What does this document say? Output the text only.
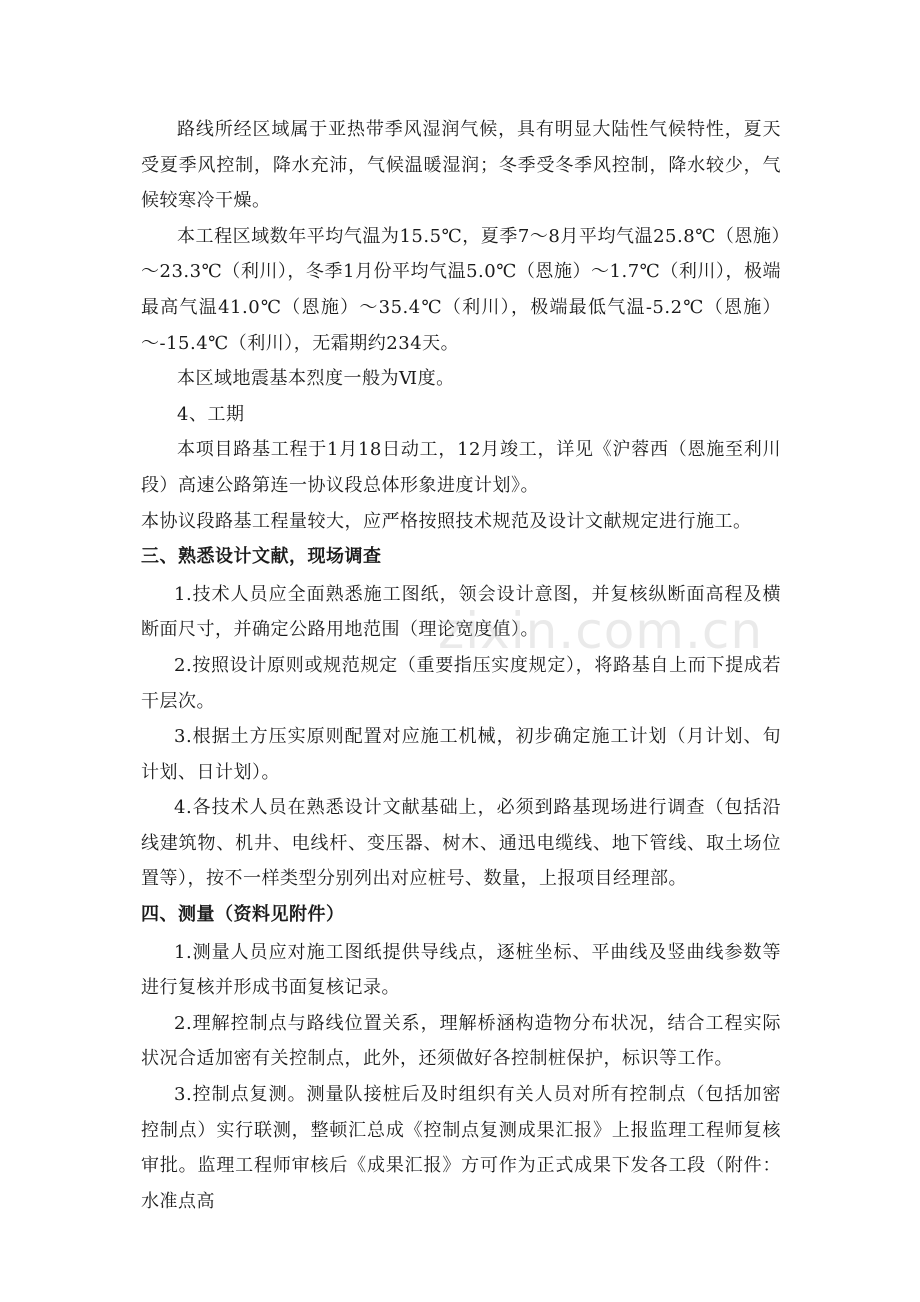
路线所经区域属于亚热带季风湿润气候，具有明显大陆性气候特性，夏天受夏季风控制，降水充沛，气候温暖湿润；冬季受冬季风控制，降水较少，气候较寒冷干燥。

本工程区域数年平均气温为15.5℃，夏季7～8月平均气温25.8℃（恩施）～23.3℃（利川），冬季1月份平均气温5.0℃（恩施）～1.7℃（利川），极端最高气温41.0℃（恩施）～35.4℃（利川），极端最低气温-5.2℃（恩施）～-15.4℃（利川），无霜期约234天。

本区域地震基本烈度一般为Ⅵ度。

4、工期

本项目路基工程于1月18日动工，12月竣工，详见《沪蓉西（恩施至利川段）高速公路第连一协议段总体形象进度计划》。

本协议段路基工程量较大，应严格按照技术规范及设计文献规定进行施工。

三、熟悉设计文献，现场调查

1.技术人员应全面熟悉施工图纸，领会设计意图，并复核纵断面高程及横断面尺寸，并确定公路用地范围（理论宽度值）。

2.按照设计原则或规范规定（重要指压实度规定），将路基自上而下提成若干层次。

3.根据土方压实原则配置对应施工机械，初步确定施工计划（月计划、旬计划、日计划）。

4.各技术人员在熟悉设计文献基础上，必须到路基现场进行调查（包括沿线建筑物、机井、电线杆、变压器、树木、通迅电缆线、地下管线、取土场位置等），按不一样类型分别列出对应桩号、数量，上报项目经理部。

四、测量（资料见附件）

1.测量人员应对施工图纸提供导线点，逐桩坐标、平曲线及竖曲线参数等进行复核并形成书面复核记录。

2.理解控制点与路线位置关系，理解桥涵构造物分布状况，结合工程实际状况合适加密有关控制点，此外，还须做好各控制桩保护，标识等工作。

3.控制点复测。测量队接桩后及时组织有关人员对所有控制点（包括加密控制点）实行联测，整顿汇总成《控制点复测成果汇报》上报监理工程师复核审批。监理工程师审核后《成果汇报》方可作为正式成果下发各工段（附件：水准点高

zixin.com.cn
